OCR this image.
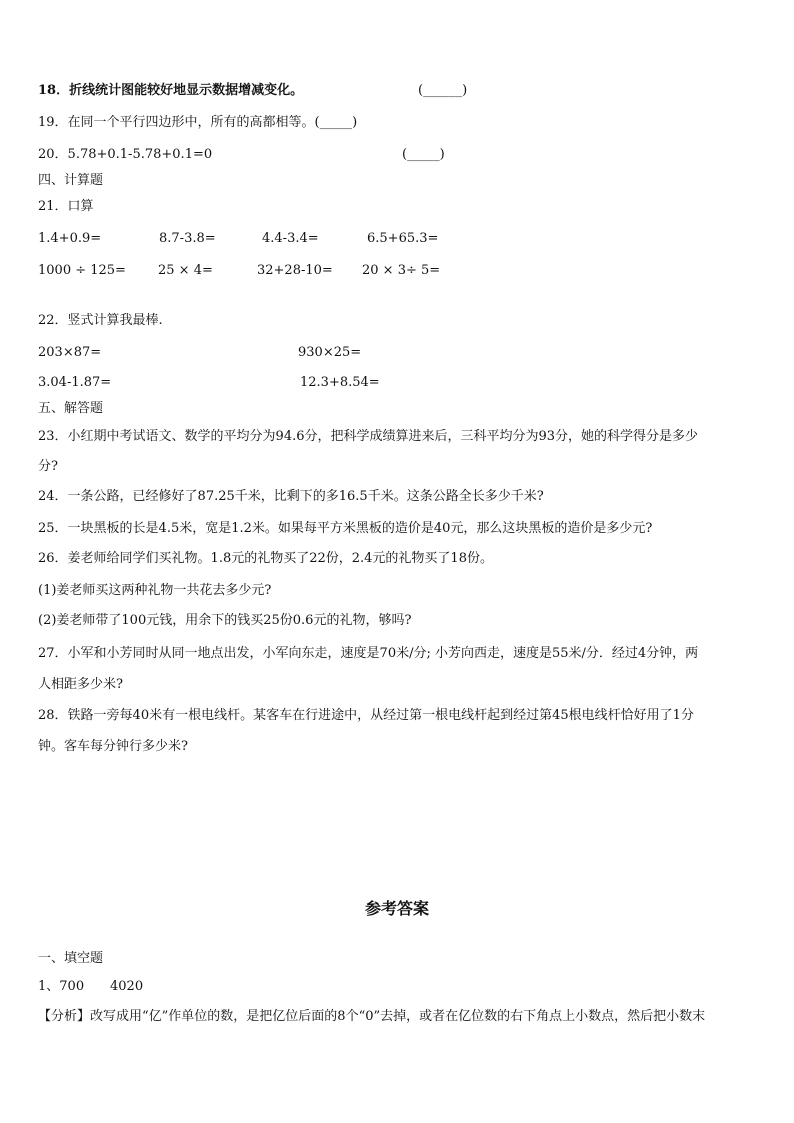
18．折线统计图能较好地显示数据增减变化。	(______)
19．在同一个平行四边形中，所有的高都相等。(_____)
20．5.78+0.1-5.78+0.1=0	(_____)
四、计算题
21．口算
1.4+0.9=	8.7-3.8=	4.4-3.4=	6.5+65.3=
1000 ÷ 125= 25 × 4=	32+28-10= 20 × 3÷ 5=
22．竖式计算我最棒.
203×87=	930×25=
3.04-1.87=	12.3+8.54=
五、解答题
23．小红期中考试语文、数学的平均分为94.6分，把科学成绩算进来后，三科平均分为93分，她的科学得分是多少
分?
24．一条公路，已经修好了87.25千米，比剩下的多16.5千米。这条公路全长多少千米?
25．一块黑板的长是4.5米，宽是1.2米。如果每平方米黑板的造价是40元，那么这块黑板的造价是多少元?
26．姜老师给同学们买礼物。1.8元的礼物买了22份，2.4元的礼物买了18份。
(1)姜老师买这两种礼物一共花去多少元?
(2)姜老师带了100元钱，用余下的钱买25份0.6元的礼物，够吗?
27．小军和小芳同时从同一地点出发，小军向东走，速度是70米/分; 小芳向西走，速度是55米/分．经过4分钟，两
人相距多少米?
28．铁路一旁每40米有一根电线杆。某客车在行进途中，从经过第一根电线杆起到经过第45根电线杆恰好用了1分
钟。客车每分钟行多少米?
参考答案
一、填空题
1、700 4020
【分析】改写成用“亿”作单位的数，是把亿位后面的8个“0”去掉，或者在亿位数的右下角点上小数点，然后把小数末
